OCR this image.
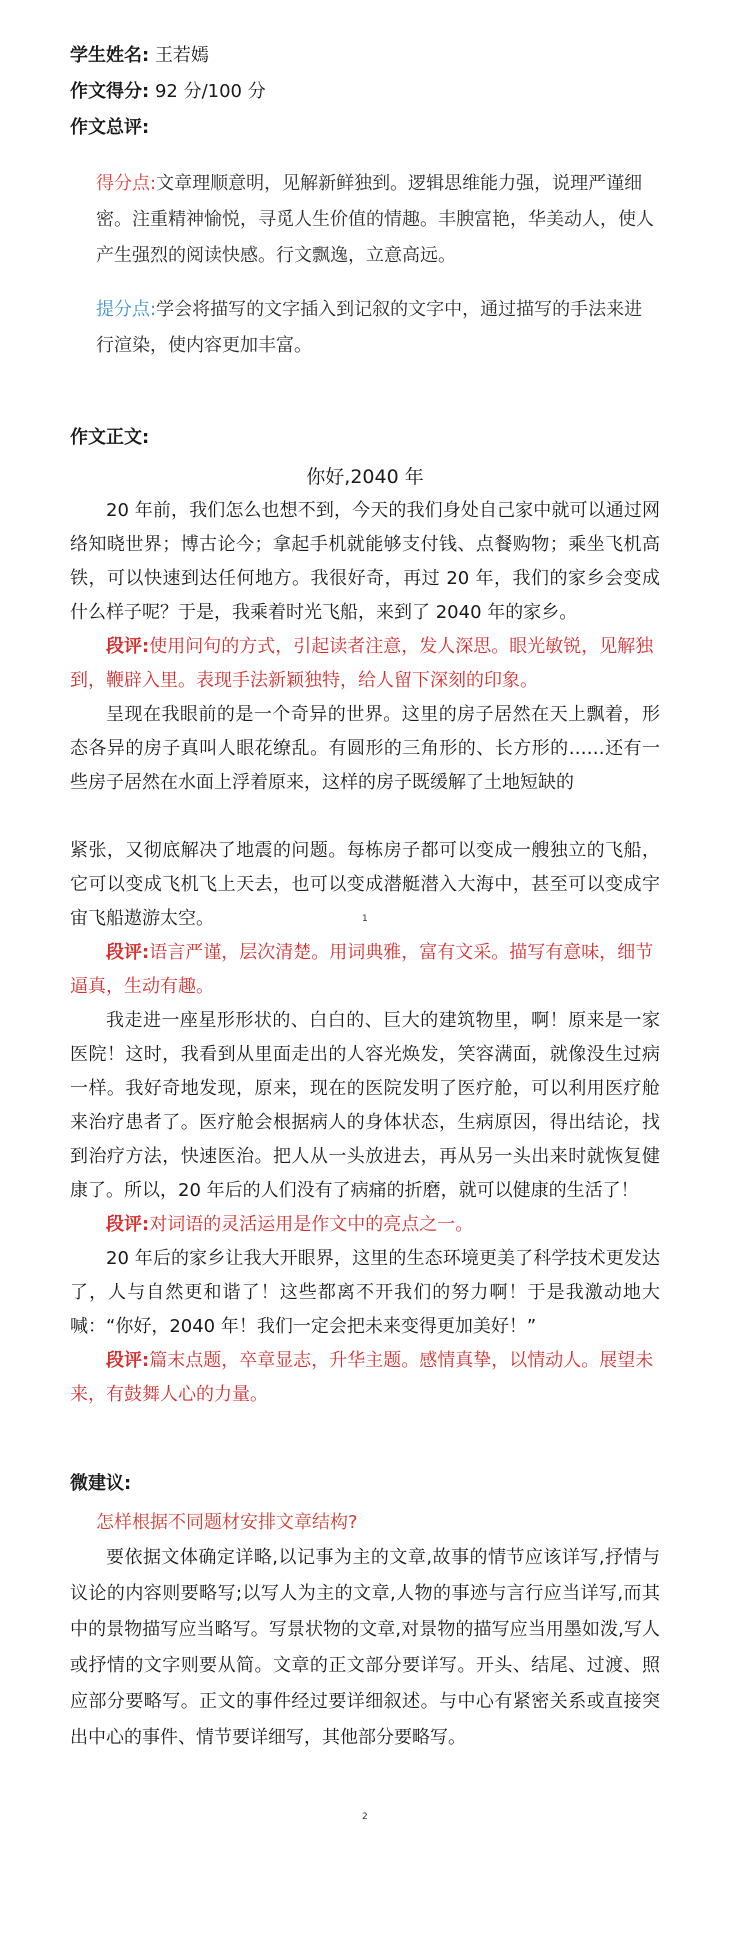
学生姓名: 王若嫣
作文得分: 92 分/100 分
作文总评:
得分点:文章理顺意明，见解新鲜独到。逻辑思维能力强，说理严谨细密。注重精神愉悦，寻觅人生价值的情趣。丰腴富艳，华美动人，使人产生强烈的阅读快感。行文飘逸，立意高远。
提分点:学会将描写的文字插入到记叙的文字中，通过描写的手法来进行渲染，使内容更加丰富。
作文正文:
你好,2040 年
20 年前，我们怎么也想不到，今天的我们身处自己家中就可以通过网络知晓世界；博古论今；拿起手机就能够支付钱、点餐购物；乘坐飞机高铁，可以快速到达任何地方。我很好奇，再过 20 年，我们的家乡会变成什么样子呢？于是，我乘着时光飞船，来到了 2040 年的家乡。
段评:使用问句的方式，引起读者注意，发人深思。眼光敏锐，见解独到，鞭辟入里。表现手法新颖独特，给人留下深刻的印象。
呈现在我眼前的是一个奇异的世界。这里的房子居然在天上飘着，形态各异的房子真叫人眼花缭乱。有圆形的三角形的、长方形的……还有一些房子居然在水面上浮着原来，这样的房子既缓解了土地短缺的
紧张，又彻底解决了地震的问题。每栋房子都可以变成一艘独立的飞船，它可以变成飞机飞上天去，也可以变成潜艇潜入大海中，甚至可以变成宇宙飞船遨游太空。
段评:语言严谨，层次清楚。用词典雅，富有文采。描写有意味，细节逼真，生动有趣。
我走进一座星形形状的、白白的、巨大的建筑物里，啊！原来是一家医院！这时，我看到从里面走出的人容光焕发，笑容满面，就像没生过病一样。我好奇地发现，原来，现在的医院发明了医疗舱，可以利用医疗舱来治疗患者了。医疗舱会根据病人的身体状态，生病原因，得出结论，找到治疗方法，快速医治。把人从一头放进去，再从另一头出来时就恢复健康了。所以，20 年后的人们没有了病痛的折磨，就可以健康的生活了！
段评:对词语的灵活运用是作文中的亮点之一。
20 年后的家乡让我大开眼界，这里的生态环境更美了科学技术更发达了，人与自然更和谐了！这些都离不开我们的努力啊！于是我激动地大喊：“你好，2040 年！我们一定会把未来变得更加美好！”
段评:篇末点题，卒章显志，升华主题。感情真挚，以情动人。展望未来，有鼓舞人心的力量。
微建议:
怎样根据不同题材安排文章结构?
要依据文体确定详略,以记事为主的文章,故事的情节应该详写,抒情与议论的内容则要略写;以写人为主的文章,人物的事迹与言行应当详写,而其中的景物描写应当略写。写景状物的文章,对景物的描写应当用墨如泼,写人或抒情的文字则要从简。文章的正文部分要详写。开头、结尾、过渡、照应部分要略写。正文的事件经过要详细叙述。与中心有紧密关系或直接突出中心的事件、情节要详细写，其他部分要略写。
1
2
